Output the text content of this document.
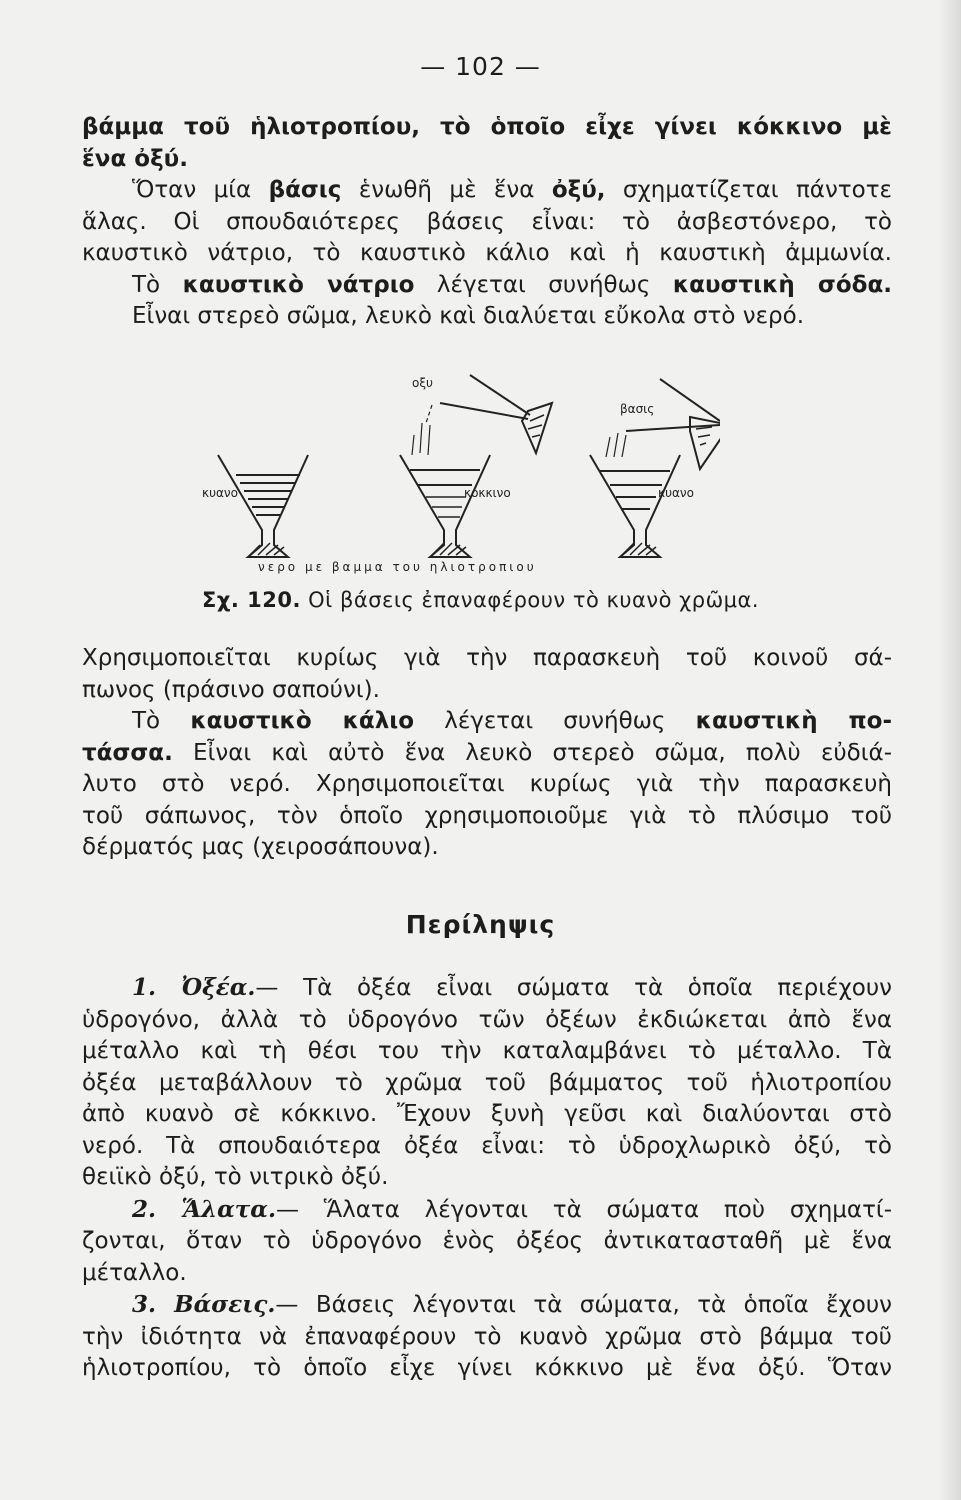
— 102 —
βάμμα τοῦ ἡλιοτροπίου, τὸ ὁποῖο εἶχε γίνει κόκκινο μὲ
ἕνα ὀξύ.
Ὅταν μία βάσις ἑνωθῆ μὲ ἕνα ὀξύ, σχηματίζεται πάντοτε
ἅλας. Οἱ σπουδαιότερες βάσεις εἶναι: τὸ ἀσβεστόνερο, τὸ
καυστικὸ νάτριο, τὸ καυστικὸ κάλιο καὶ ἡ καυστικὴ ἀμμωνία.
Τὸ καυστικὸ νάτριο λέγεται συνήθως καυστικὴ σόδα.
Εἶναι στερεὸ σῶμα, λευκὸ καὶ διαλύεται εὔκολα στὸ νερό.
οξυ
βασις
κυανο	κοκκινο	κυανο
νερο με βαμμα του ηλιοτροπιου
Σχ. 120. Οἱ βάσεις ἐπαναφέρουν τὸ κυανὸ χρῶμα.
Χρησιμοποιεῖται κυρίως γιὰ τὴν παρασκευὴ τοῦ κοινοῦ σά-
πωνος (πράσινο σαπούνι).
Τὸ καυστικὸ κάλιο λέγεται συνήθως καυστικὴ πο-
τάσσα. Εἶναι καὶ αὐτὸ ἕνα λευκὸ στερεὸ σῶμα, πολὺ εὐδιά-
λυτο στὸ νερό. Χρησιμοποιεῖται κυρίως γιὰ τὴν παρασκευὴ
τοῦ σάπωνος, τὸν ὁποῖο χρησιμοποιοῦμε γιὰ τὸ πλύσιμο τοῦ
δέρματός μας (χειροσάπουνα).
Περίληψις
1. Ὀξέα.— Τὰ ὀξέα εἶναι σώματα τὰ ὁποῖα περιέχουν
ὑδρογόνο, ἀλλὰ τὸ ὑδρογόνο τῶν ὀξέων ἐκδιώκεται ἀπὸ ἕνα
μέταλλο καὶ τὴ θέσι του τὴν καταλαμβάνει τὸ μέταλλο. Τὰ
ὀξέα μεταβάλλουν τὸ χρῶμα τοῦ βάμματος τοῦ ἡλιοτροπίου
ἀπὸ κυανὸ σὲ κόκκινο. Ἔχουν ξυνὴ γεῦσι καὶ διαλύονται στὸ
νερό. Τὰ σπουδαιότερα ὀξέα εἶναι: τὸ ὑδροχλωρικὸ ὀξύ, τὸ
θειϊκὸ ὀξύ, τὸ νιτρικὸ ὀξύ.
2. Ἅλατα.— Ἅλατα λέγονται τὰ σώματα ποὺ σχηματί-
ζονται, ὅταν τὸ ὑδρογόνο ἑνὸς ὀξέος ἀντικατασταθῆ μὲ ἕνα
μέταλλο.
3. Βάσεις.— Βάσεις λέγονται τὰ σώματα, τὰ ὁποῖα ἔχουν
τὴν ἰδιότητα νὰ ἐπαναφέρουν τὸ κυανὸ χρῶμα στὸ βάμμα τοῦ
ἡλιοτροπίου, τὸ ὁποῖο εἶχε γίνει κόκκινο μὲ ἕνα ὀξύ. Ὅταν
